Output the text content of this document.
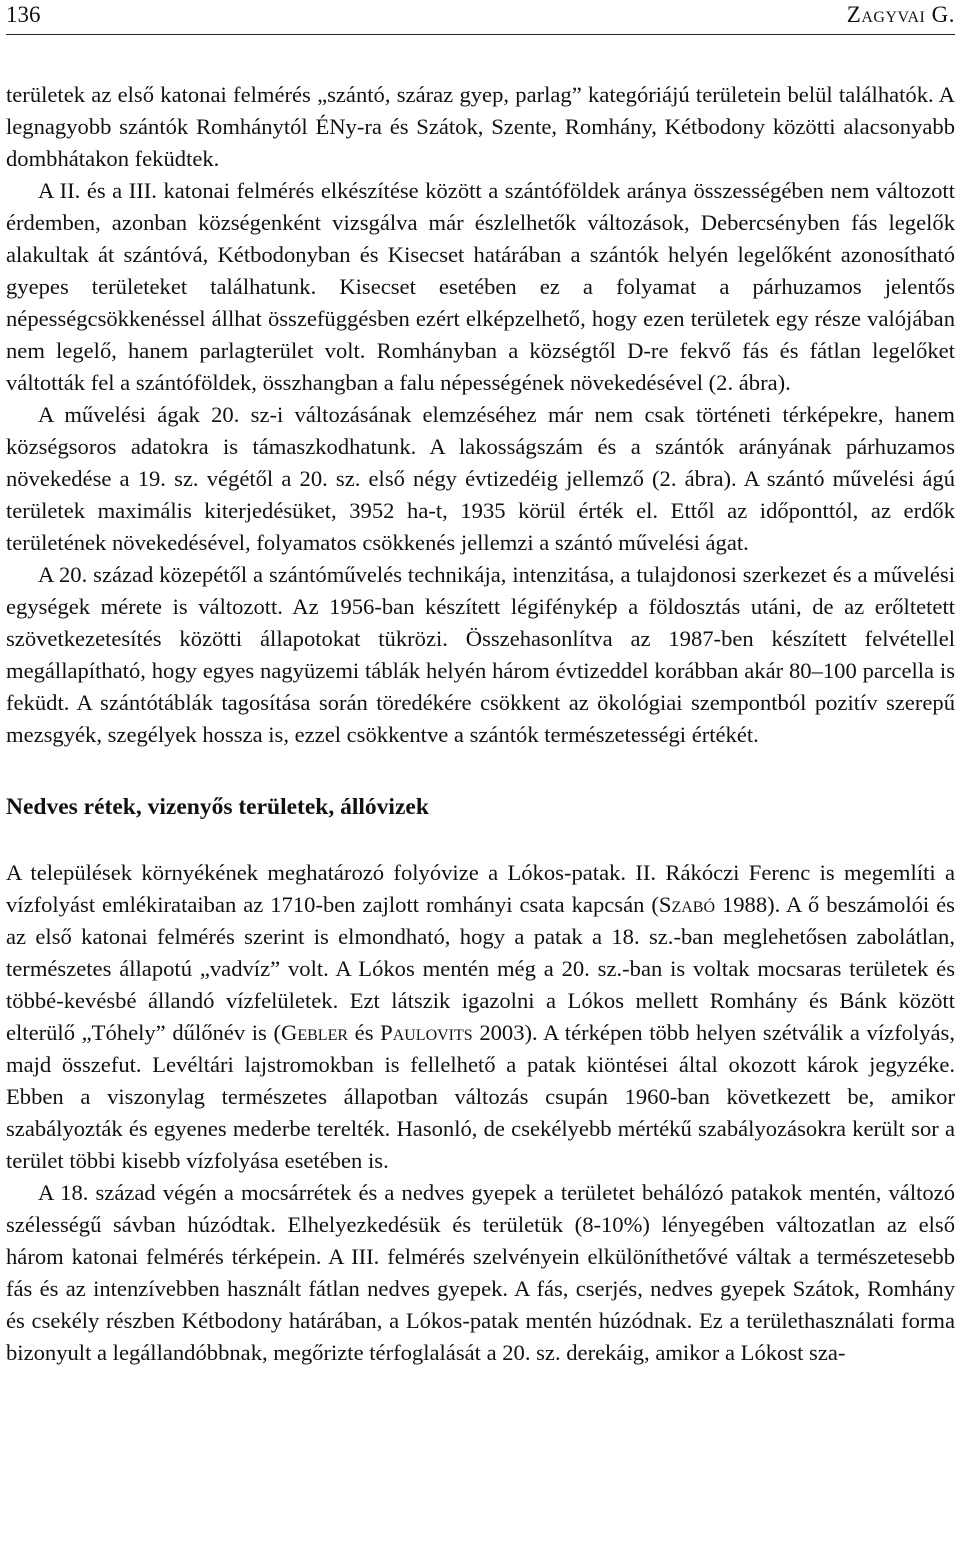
136	Zagyvai G.

területek az első katonai felmérés „szántó, száraz gyep, parlag” kategóriájú területein belül találhatók. A legnagyobb szántók Romhánytól ÉNy-ra és Szátok, Szente, Romhány, Kétbodony közötti alacsonyabb dombhátakon feküdtek.

A II. és a III. katonai felmérés elkészítése között a szántóföldek aránya összességében nem változott érdemben, azonban községenként vizsgálva már észlelhetők változások, Debercsényben fás legelők alakultak át szántóvá, Kétbodonyban és Kisecset határában a szántók helyén legelőként azonosítható gyepes területeket találhatunk. Kisecset esetében ez a folyamat a párhuzamos jelentős népességcsökkenéssel állhat összefüggésben ezért elképzelhető, hogy ezen területek egy része valójában nem legelő, hanem parlagterület volt. Romhányban a községtől D-re fekvő fás és fátlan legelőket váltották fel a szántóföldek, összhangban a falu népességének növekedésével (2. ábra).

A művelési ágak 20. sz-i változásának elemzéséhez már nem csak történeti térképekre, hanem községsoros adatokra is támaszkodhatunk. A lakosságszám és a szántók arányának párhuzamos növekedése a 19. sz. végétől a 20. sz. első négy évtizedéig jellemző (2. ábra). A szántó művelési ágú területek maximális kiterjedésüket, 3952 ha-t, 1935 körül érték el. Ettől az időponttól, az erdők területének növekedésével, folyamatos csökkenés jellemzi a szántó művelési ágat.

A 20. század közepétől a szántóművelés technikája, intenzitása, a tulajdonosi szerkezet és a művelési egységek mérete is változott. Az 1956-ban készített légifénykép a földosztás utáni, de az erőltetett szövetkezetesítés közötti állapotokat tükrözi. Összehasonlítva az 1987-ben készített felvétellel megállapítható, hogy egyes nagyüzemi táblák helyén három évtizeddel korábban akár 80–100 parcella is feküdt. A szántótáblák tagosítása során töredékére csökkent az ökológiai szempontból pozitív szerepű mezsgyék, szegélyek hossza is, ezzel csökkentve a szántók természetességi értékét.

Nedves rétek, vizenyős területek, állóvizek

A települések környékének meghatározó folyóvize a Lókos-patak. II. Rákóczi Ferenc is megemlíti a vízfolyást emlékirataiban az 1710-ben zajlott romhányi csata kapcsán (Szabó 1988). A ő beszámolói és az első katonai felmérés szerint is elmondható, hogy a patak a 18. sz.-ban meglehetősen zabolátlan, természetes állapotú „vadvíz” volt. A Lókos mentén még a 20. sz.-ban is voltak mocsaras területek és többé-kevésbé állandó vízfelületek. Ezt látszik igazolni a Lókos mellett Romhány és Bánk között elterülő „Tóhely” dűlőnév is (Gebler és Paulovits 2003). A térképen több helyen szétválik a vízfolyás, majd összefut. Levéltári lajstromokban is fellelhető a patak kiöntései által okozott károk jegyzéke. Ebben a viszonylag természetes állapotban változás csupán 1960-ban következett be, amikor szabályozták és egyenes mederbe terelték. Hasonló, de csekélyebb mértékű szabályozásokra került sor a terület többi kisebb vízfolyása esetében is.

A 18. század végén a mocsárrétek és a nedves gyepek a területet behálózó patakok mentén, változó szélességű sávban húzódtak. Elhelyezkedésük és területük (8-10%) lényegében változatlan az első három katonai felmérés térképein. A III. felmérés szelvényein elkülöníthetővé váltak a természetesebb fás és az intenzívebben használt fátlan nedves gyepek. A fás, cserjés, nedves gyepek Szátok, Romhány és csekély részben Kétbodony határában, a Lókos-patak mentén húzódnak. Ez a területhasználati forma bizonyult a legállandóbbnak, megőrizte térfoglalását a 20. sz. derekáig, amikor a Lókost sza-
